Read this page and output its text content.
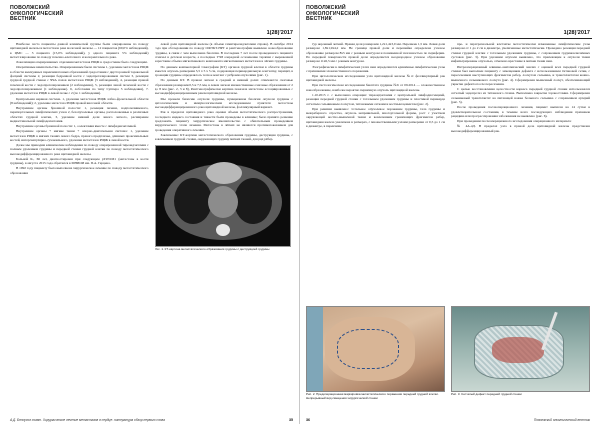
ПОВОЛЖСКИЙ
ОНКОЛОГИЧЕСКИЙ
ВЕСТНИК
1(28)'2017

Наиболее часто пациенты данной клинической группы были оперированы по поводу щитовидной железы и метастазов рака молочной железы — 12 пациентов (60,0% наблюдений), в ЦМС — 3 пациента (15,0% наблюдений), у одного пациента 5% наблюдений) метастазирование по поводу почечно-клеточного и колоректального рака.

Локализация оперированных отделения метастазов РЩЖ в средостение было следующим.

Оперативные вмешательства. Оперированным были системы 1, удаление метастазов РЩЖ в области жемчужных паренхиматозных образований средостения с двусторонней торакальной фасцией системы 2, резекция бедренной кости с эндопротезированием систем 3, резекция грудной грудной стенки с ЧЧА пахов метастазов РЩЖ (3 наблюдений), 4, резекция правой почечной кости с эндопротезированием (2 наблюдения), 5, резекция левой почечной кости с эндопротезированием (1 наблюдение). 6, лоботомия по типу Суппера 3 наблюдения), 7. удаление метастаза РЩЖ в левой почке с 2 (по 1 наблюдения).

Центральная нервная система. 1, удаление метастазов РЩЖ лобно-фронтальной области (8 наблюдений); 2, удаление метастаза РЩЖ правой височной области.

Внутренние органы брюшной полости: 1, резекция печени, надпочечникового, перипортальных лимфатических узлов 2, безопухолевые органы, расположенные в различных областях грудной клетки, 3, удаление нижней доли левого легкого, расширение медиастинальной лимфаденэктомия.

Внутренние органы брюшной полости: 1, оолектомия вместе с лимфаденэктомией.

Внутренние органы + мягкие ткани + опорно-двигательная система: 1, удаление метастазов РЩЖ в мягких тканях левого бедра, правого предплечья, длинных проксимальных костей, интерскапулярно-сухожильного, удаление метастазов РЩЖ в левой кости.

Далее мы приводим клинические наблюдения по поводу оперированной тиреоидэктомии с полным удалением грудины и передней стенки грудной клетки по поводу метастатического высокодифференцированного рака щитовидной железы.

Больной К., 66 лет, диагностирован при следующем pT2N1M1 (метастазы в кости грудины), в августе 2015 года обратился в МНИОИ им. П.А. Герцена.

В 1992 году пациенту была выполнена хирургическое лечение по поводу метастатического образования

левой доли щитовидной железы (в объеме гемитиреоидэктомии справа). В октябре 2014 года при обследовании по поводу ОФЭКТ-НРТ и рентгенографии выявлено новообразование грудины, в связи с чем выполнена биопсия. В последние 7 лет после проведенного пациента отмечал в детском возрасте, а последнее УЗИ очередной осложнение терапии с выраженной нарастание объема мягкотканевого компонента мягкотканных метастазов в лёгких грудины.

По данным компьютерной томографии (КТ) органов грудной клетки в области грудины имеется опухоль размерами 3,5 х 5 х 5 см, содержащая перикардиальную клетчатку, перицит, в проекции грудины определялось тесное контакт с рёбрами опухолями (рис. 1).

По данным КТ. В правом легком в средней и нижней долях отмечаются очаговые образования размерами 0,5 и 7,5 мм, в левом легком множественные очаговые образования от 2 до 8 мм (рис. 2, 3 и 8), Рентгенографически картина показала метастазы ассоциированные с высокодифференцированным раком щитовидной железы.

Мы провели биопсию опухоли грудины, пункционная биопсия опухоли грудины с цитологическим и иммунологическим исследованием пунктата: метастазы высокодифференцированного рака щитовидной железы, фолликулярный вариант.

Рак в пределах щитовидного рака оценки объема метастатического распространения, последнего индекса состояния и тяжести были проведены в клинике; было принято решение предложить пациенту хирургическое вмешательство с обязательным проведением хирургического этапа лечения. Метастазы в лёгких не являются противопоказанием для проведения оперативного лечения.

Заключение: КТ-картина метастатического образования грудины, деструкция грудины, с вовлечением грудной стенки, окружающих грудину мягких тканей, для ряд рёбер.

Рис. 1. КТ-картина метастатического образования грудины с деструкцией грудины
А.Д. Белоусов соавт. Хирургическое лечение метастазов в сердце: литература обзор первого слова	35
ПОВОЛЖСКИЙ
ОНКОЛОГИЧЕСКИЙ
ВЕСТНИК
1(28)'2017

тур неровный четкий. Правая доля размерами 1,2x1,4x3,0 мм. Перешеек 1,5 мм. Левая доля размером 1,8x1,9x4,2 мм. Не граница правой доли и перешейка определена узловое образование размером 8x5 мм с ровным контуром и пониженной эхогенностью по периферии. По передней поверхности правой доли определяется неоднородное узловое образование размером 11x6,5 мм с ровным контуром.

Эхографически в лимфатических узлах шеи определяются единичные лимфатические узлы с признаками злокачественного поражения.

При цитологическом исследовании узла щитовидной железы №4: фолликулярный рак щитовидной железы.

При гистологическом исследовании биоптата грудины №6 от 09.2014 — злокачественное новообразование, наиболее вероятно первичную опухоль щитовидной железы.

1.10.2015 г. с выполнена операция: тиреоидэктомия с центральной лимфодиссекцией, резекция передней грудной стенки с тотальным удалением грудины и пластикой перикарда сетчатым сальниковым лоскутом, титановыми сетками и костным цементом (рис. 2).

При ревизии выявлено: тотальное опухолевое поражение грудины, тела грудины и межреберного отростка, опухоль неправильной, многоугольной формы, рост с участием окружающей костно-мышечной ткани и вовлечением граничащих фрагментов ребер, щитовидная железа увеличена в размерах, с множественными узлами размерами от 0,5 до 1 см в диаметре, в паренхиме

пре- и паратрахеальной клетчатке метастатически измененные лимфатические узлы размером от 1 до 2 см в диаметре, увеличенные метастатически. Проведено резекция передней стенки грудной клетки с тотальным удалением грудины, с сохранением грудиноключичных суставов (рис. 3). При удалении опухоли выявлено, что прилежащие к опухоли ткани инфильтрированы опухолью, отмечено врастание в мягкие ткани шеи.

Интраоперационный клинико-анатомический анализ с оценкой всех передней грудной стенки был выполнен пациенту с замещением дефекта с использованием титановой сетки, с пересечением выступающих фрагментов ребер, лоскутом сальника, и трансплантатом кожно-мышечного сальникового лоскута (рис. 4). Сформирован мышечный лоскут, обеспечивающий укрытие дефекта после пересечения.

С целью восстановления целостности каркаса передней грудной стенки использовался сетчатый эндопротез из титанового сплава. Выполнена закрытая торакостомия. Сформирован сальниковый трансплантат на питающей ножке большого сальника с сохранением артерий (рис. 5).

После проведения послеоперационного лечения, пациент выписан на 14 сутки в удовлетворительном состоянии, в течение всего последующего наблюдения признаков рецидива или прогрессирования заболевания не выявлено (рис. 6).

При проведении послеоперационного исследования операционного материала:

№ 4А-4Д. В пределах узла в правой доле щитовидной железы представлен высокодифференцированный рак.

Рис. 2. Предоперационная маркировка метастатического поражения передней грудной клетки. Непрерывный вид смещения хирургической стенки
Рис. 3. Сетчатый дефект передней грудной стенки
36	Поволжский онкологический вестник
